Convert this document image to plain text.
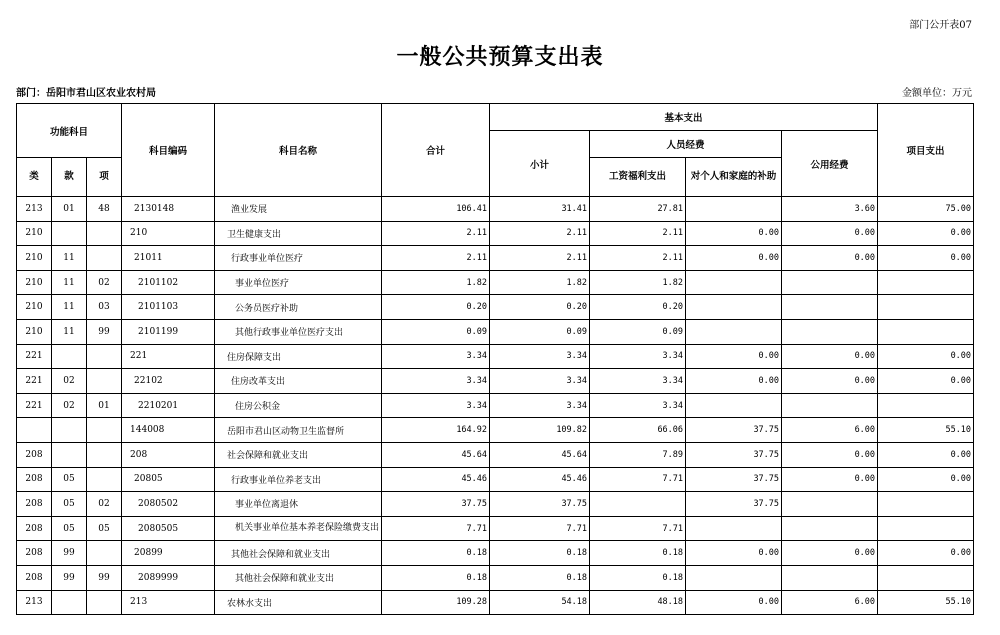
部门公开表07
一般公共预算支出表
部门：岳阳市君山区农业农村局	金额单位：万元
功能科目			科目编码	科目名称	合计	基本支出				项目支出
						小计	人员经费		公用经费	
类	款	项					工资福利支出	对个人和家庭的补助		
213	01	48	2130148	渔业发展	106.41	31.41	27.81		3.60	75.00
210			210	卫生健康支出	2.11	2.11	2.11	0.00	0.00	0.00
210	11		21011	行政事业单位医疗	2.11	2.11	2.11	0.00	0.00	0.00
210	11	02	2101102	事业单位医疗	1.82	1.82	1.82			
210	11	03	2101103	公务员医疗补助	0.20	0.20	0.20			
210	11	99	2101199	其他行政事业单位医疗支出	0.09	0.09	0.09			
221			221	住房保障支出	3.34	3.34	3.34	0.00	0.00	0.00
221	02		22102	住房改革支出	3.34	3.34	3.34	0.00	0.00	0.00
221	02	01	2210201	住房公积金	3.34	3.34	3.34			
			144008	岳阳市君山区动物卫生监督所	164.92	109.82	66.06	37.75	6.00	55.10
208			208	社会保障和就业支出	45.64	45.64	7.89	37.75	0.00	0.00
208	05		20805	行政事业单位养老支出	45.46	45.46	7.71	37.75	0.00	0.00
208	05	02	2080502	事业单位离退休	37.75	37.75		37.75		
208	05	05	2080505	机关事业单位基本养老保险缴费支出	7.71	7.71	7.71			
208	99		20899	其他社会保障和就业支出	0.18	0.18	0.18	0.00	0.00	0.00
208	99	99	2089999	其他社会保障和就业支出	0.18	0.18	0.18			
213			213	农林水支出	109.28	54.18	48.18	0.00	6.00	55.10
